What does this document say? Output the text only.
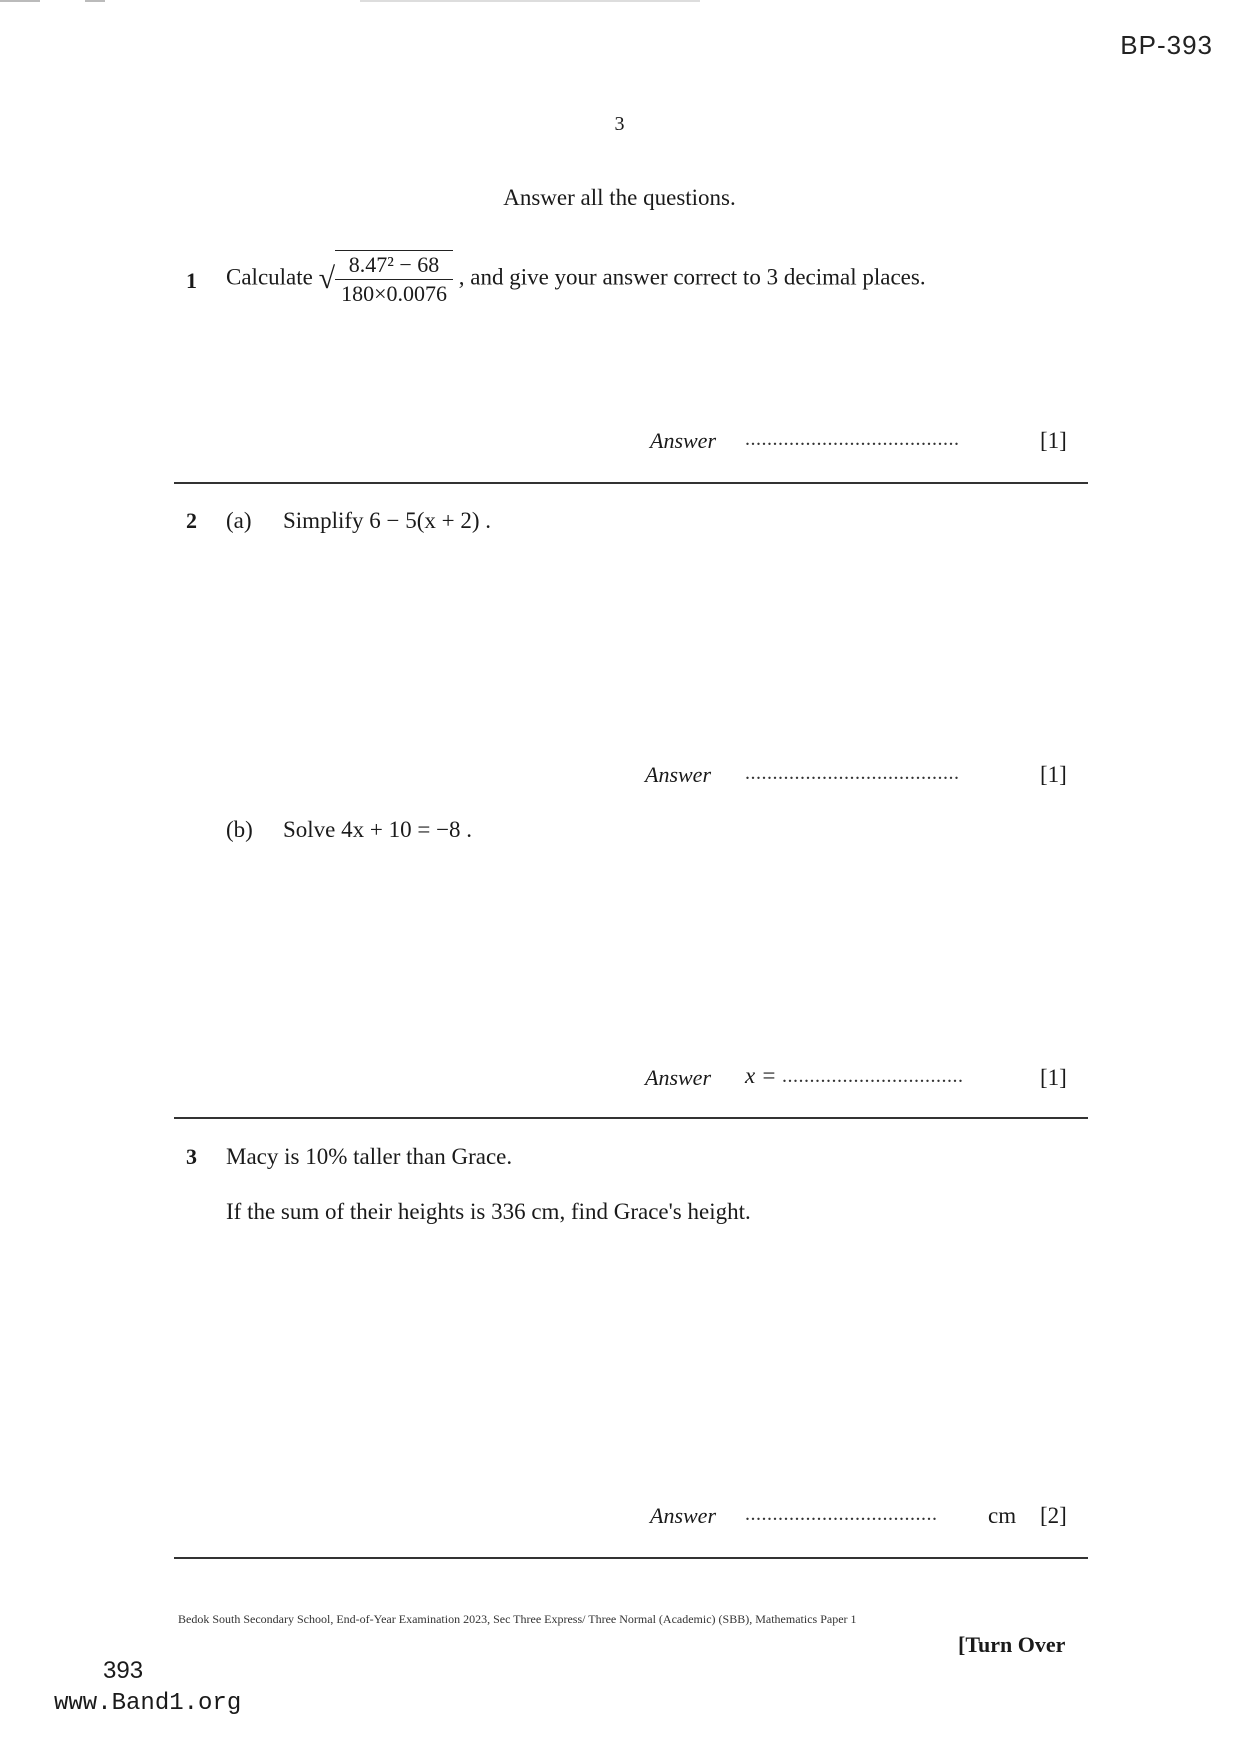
BP-393
3
Answer all the questions.
1 Calculate √ $\frac{\text{8.47² − 68}}{180\times 0.0076}$ , and give your answer correct to 3 decimal places.
Answer .......................................	[1]
2 (a) Simplify 6 − 5(x + 2) .
Answer .......................................	[1]
(b) Solve 4x + 10 = −8 .
Answer x = .................................	[1]
3 Macy is 10% taller than Grace.
If the sum of their heights is 336 cm, find Grace's height.
Answer ................................... cm [2]
Bedok South Secondary School, End-of-Year Examination 2023, Sec Three Express/ Three Normal (Academic) (SBB), Mathematics Paper 1
[Turn Over
393
www.Band1.org
